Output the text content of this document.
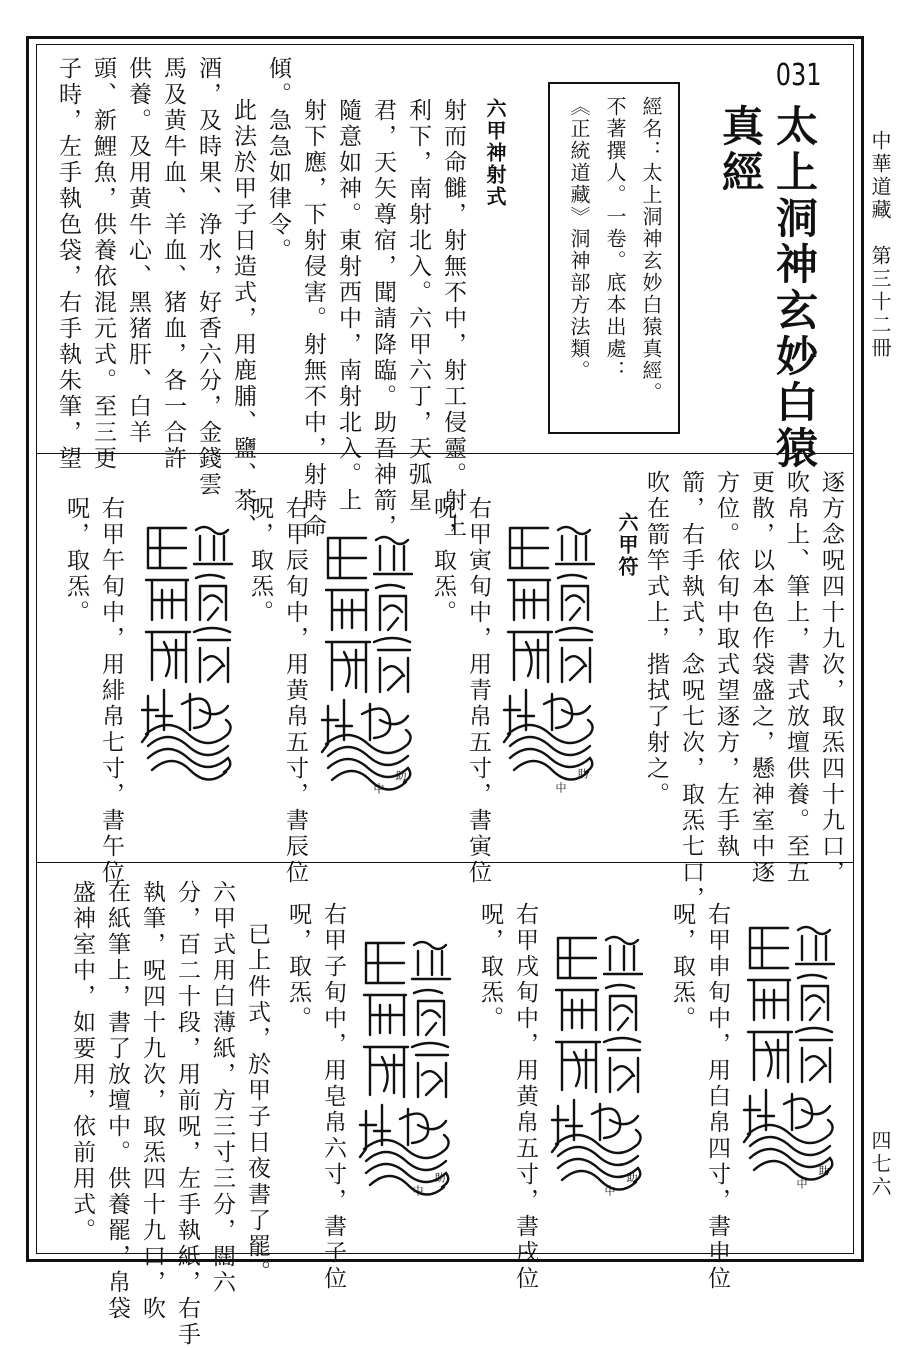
中華道藏　第三十二冊
四七六
031
太上洞神玄妙白猿
真經
經名：太上洞神玄妙白猿真經。
不著撰人。一卷。底本出處：
《正統道藏》洞神部方法類。
六甲神射式
射而命雠，射無不中，射工侵靈。射上
利下，南射北入。六甲六丁，天弧星
君，天矢尊宿，聞請降臨。助吾神箭，
隨意如神。東射西中，南射北入。上
射下應，下射侵害。射無不中，射時命
傾。急急如律令。
此法於甲子日造式，用鹿脯、鹽、茶、
酒，及時果、浄水，好香六分，金錢雲
馬及黄牛血、羊血、猪血，各一合許
供養。及用黄牛心、黑猪肝、白羊
頭、新鯉魚，供養依混元式。至三更
子時，左手執色袋，右手執朱筆，望
逐方念呪四十九次，取炁四十九口，
吹帛上、筆上，書式放壇供養。至五
更散，以本色作袋盛之，懸神室中逐
方位。依旬中取式望逐方，左手執
箭，右手執式，念呪七次，取炁七口，
吹在箭竿式上，揩拭了射之。
六甲符
助
中
右甲寅旬中，用青帛五寸，書寅位
呪，取炁。
助
中
右甲辰旬中，用黄帛五寸，書辰位
呪，取炁。
右甲午旬中，用緋帛七寸，書午位
呪，取炁。
助
中
右甲申旬中，用白帛四寸，書申位
呪，取炁。
助
中
右甲戌旬中，用黄帛五寸，書戌位
呪，取炁。
助
中
右甲子旬中，用皂帛六寸，書子位
呪，取炁。
已上件式，於甲子日夜書了罷。
六甲式用白薄紙，方三寸三分，闊六
分，百二十段，用前呪，左手執紙，右手
執筆，呪四十九次，取炁四十九口，吹
在紙筆上，書了放壇中。供養罷，帛袋
盛神室中，如要用，依前用式。
